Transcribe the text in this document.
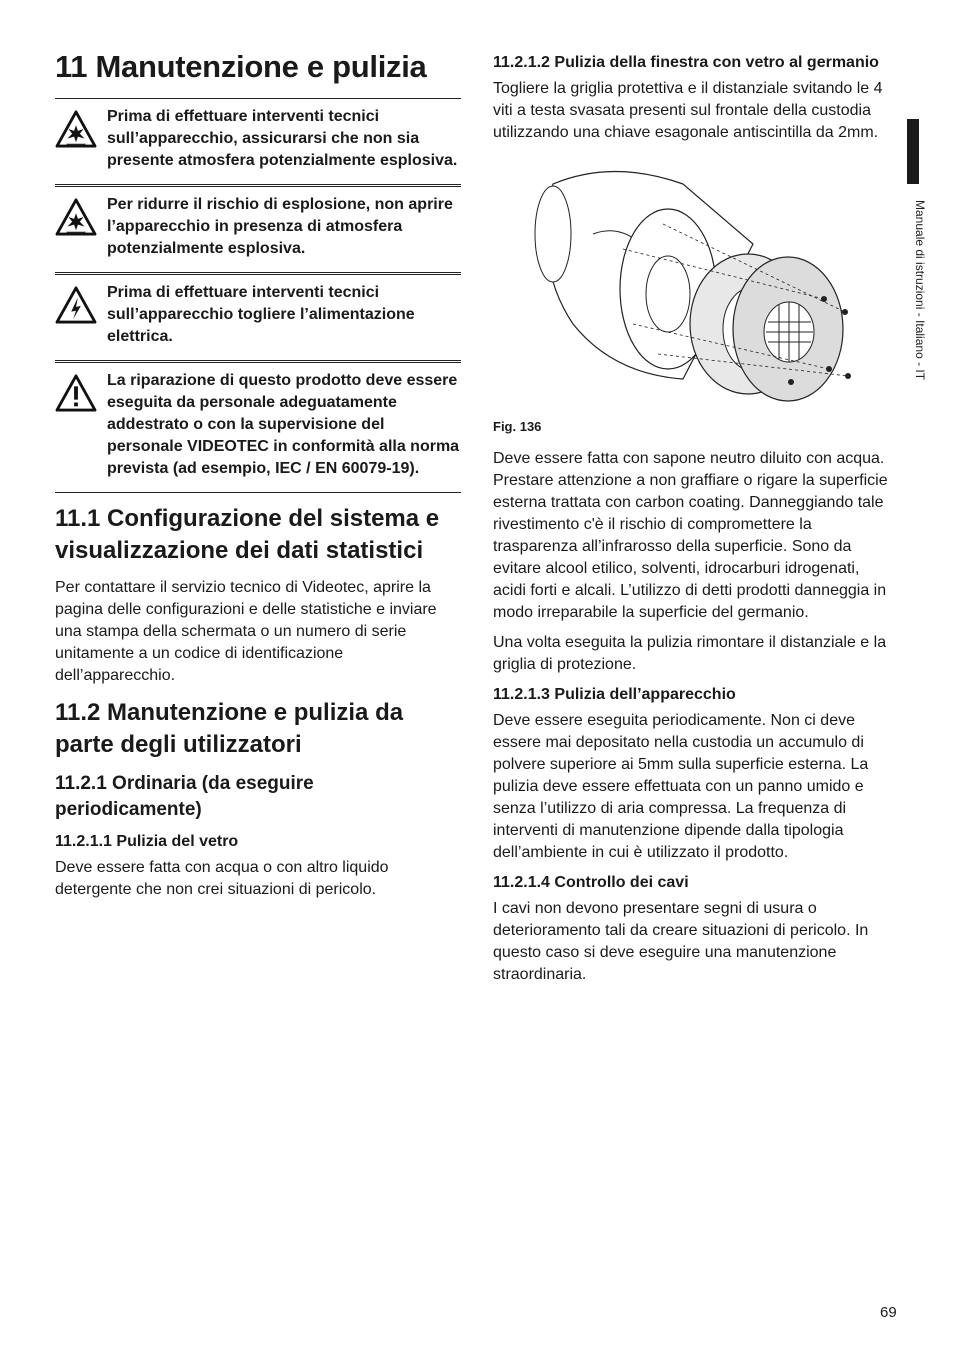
11 Manutenzione e pulizia

Prima di effettuare interventi tecnici sull’apparecchio, assicurarsi che non sia presente atmosfera potenzialmente esplosiva.

Per ridurre il rischio di esplosione, non aprire l’apparecchio in presenza di atmosfera potenzialmente esplosiva.

Prima di effettuare interventi tecnici sull’apparecchio togliere l’alimentazione elettrica.

La riparazione di questo prodotto deve essere eseguita da personale adeguatamente addestrato o con la supervisione del personale VIDEOTEC in conformità alla norma prevista (ad esempio, IEC / EN 60079-19).

11.1 Configurazione del sistema e visualizzazione dei dati statistici

Per contattare il servizio tecnico di Videotec, aprire la pagina delle configurazioni e delle statistiche e inviare una stampa della schermata o un numero di serie unitamente a un codice di identificazione dell’apparecchio.

11.2 Manutenzione e pulizia da parte degli utilizzatori
11.2.1 Ordinaria (da eseguire periodicamente)
11.2.1.1 Pulizia del vetro

Deve essere fatta con acqua o con altro liquido detergente che non crei situazioni di pericolo.

11.2.1.2 Pulizia della finestra con vetro al germanio

Togliere la griglia protettiva e il distanziale svitando le 4 viti a testa svasata presenti sul frontale della custodia utilizzando una chiave esagonale antiscintilla da 2mm.

Fig. 136

Deve essere fatta con sapone neutro diluito con acqua. Prestare attenzione a non graffiare o rigare la superficie esterna trattata con carbon coating. Danneggiando tale rivestimento c'è il rischio di compromettere la trasparenza all’infrarosso della superficie. Sono da evitare alcool etilico, solventi, idrocarburi idrogenati, acidi forti e alcali. L’utilizzo di detti prodotti danneggia in modo irreparabile la superficie del germanio.

Una volta eseguita la pulizia rimontare il distanziale e la griglia di protezione.

11.2.1.3 Pulizia dell’apparecchio

Deve essere eseguita periodicamente. Non ci deve essere mai depositato nella custodia un accumulo di polvere superiore ai 5mm sulla superficie esterna. La pulizia deve essere effettuata con un panno umido e senza l’utilizzo di aria compressa. La frequenza di interventi di manutenzione dipende dalla tipologia dell’ambiente in cui è utilizzato il prodotto.

11.2.1.4 Controllo dei cavi

I cavi non devono presentare segni di usura o deterioramento tali da creare situazioni di pericolo. In questo caso si deve eseguire una manutenzione straordinaria.

Manuale di istruzioni - Italiano - IT
69
